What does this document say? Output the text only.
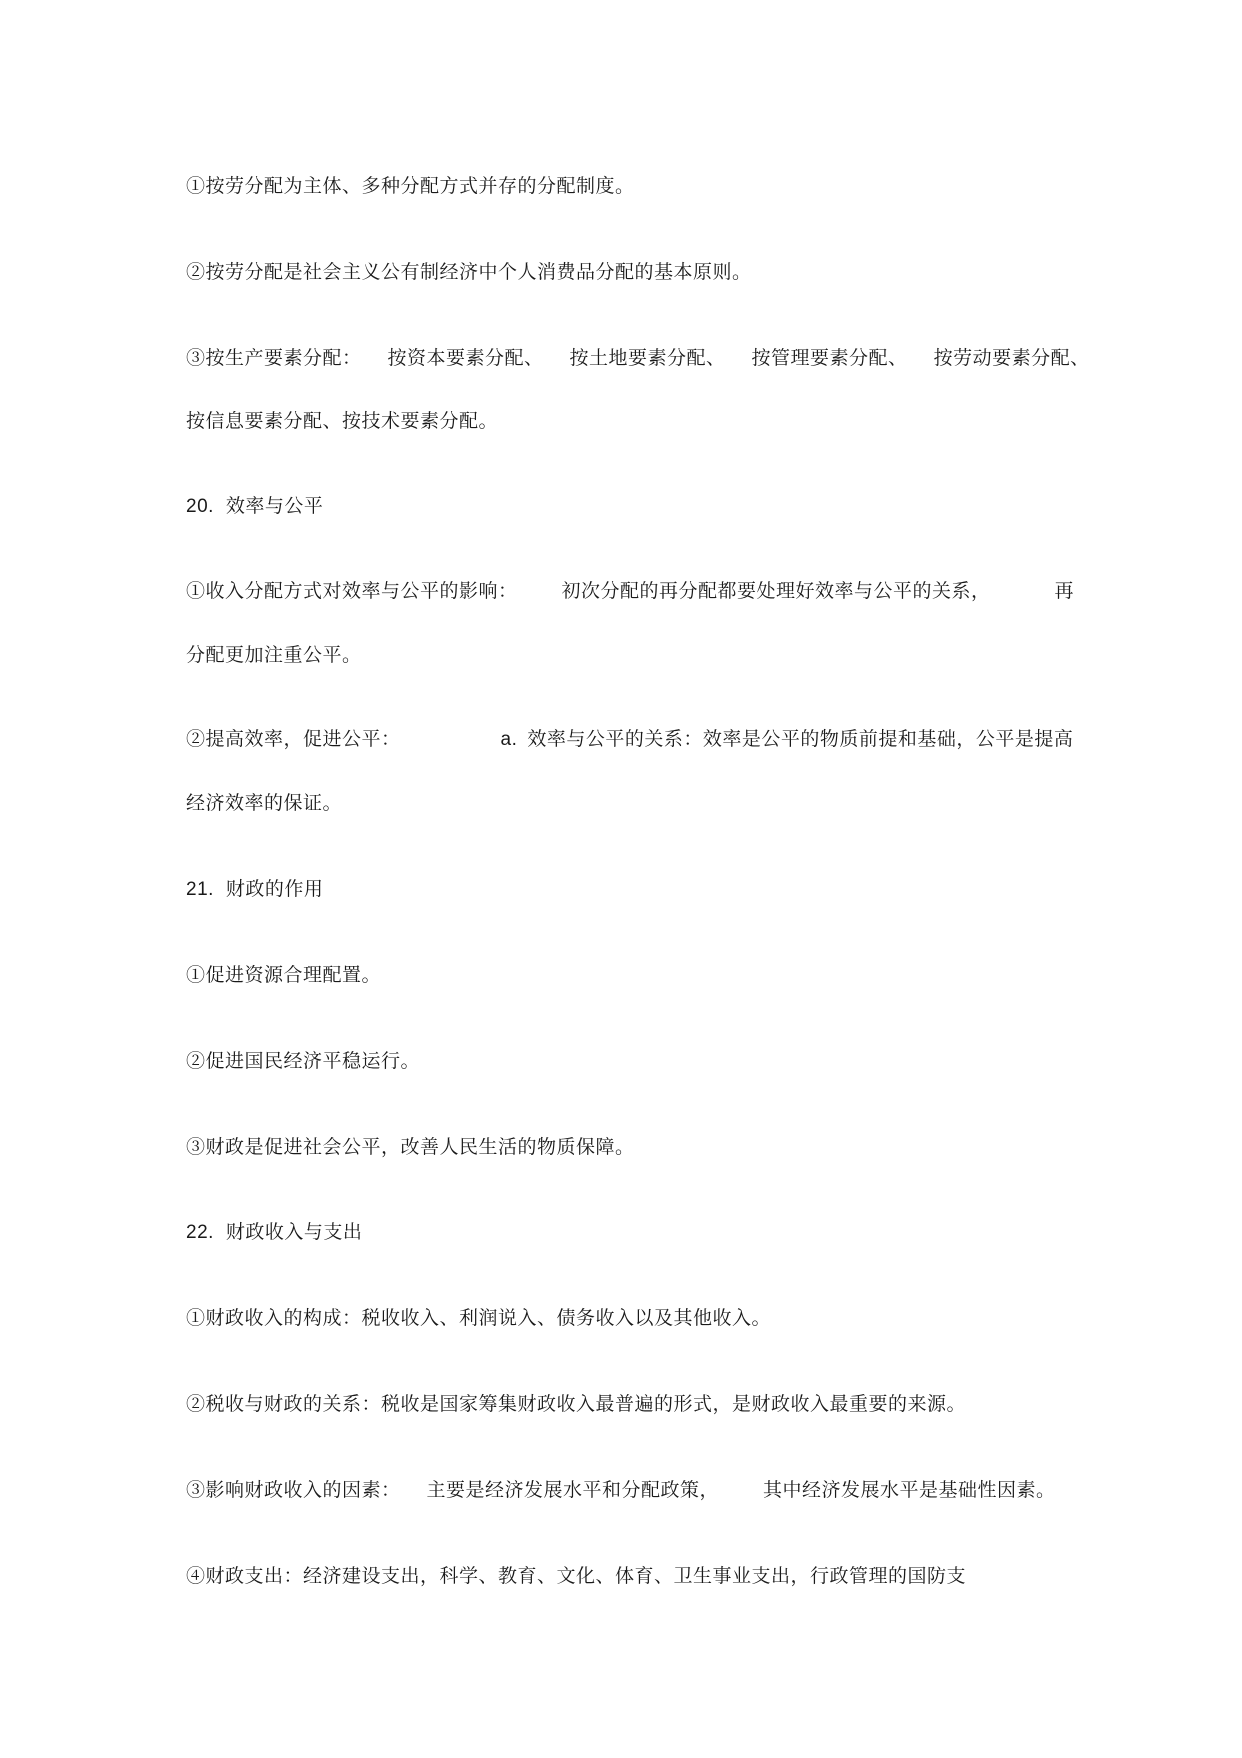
①按劳分配为主体、多种分配方式并存的分配制度。
②按劳分配是社会主义公有制经济中个人消费品分配的基本原则。
③按生产要素分配： 按资本要素分配、 按土地要素分配、 按管理要素分配、 按劳动要素分配、
按信息要素分配、按技术要素分配。
20. 效率与公平
①收入分配方式对效率与公平的影响： 初次分配的再分配都要处理好效率与公平的关系，	再
分配更加注重公平。
②提高效率，促进公平：	a. 效率与公平的关系：效率是公平的物质前提和基础，公平是提高
经济效率的保证。
21. 财政的作用
①促进资源合理配置。
②促进国民经济平稳运行。
③财政是促进社会公平，改善人民生活的物质保障。
22. 财政收入与支出
①财政收入的构成：税收收入、利润说入、债务收入以及其他收入。
②税收与财政的关系：税收是国家筹集财政收入最普遍的形式，是财政收入最重要的来源。
③影响财政收入的因素： 主要是经济发展水平和分配政策， 其中经济发展水平是基础性因素。
④财政支出：经济建设支出，科学、教育、文化、体育、卫生事业支出，行政管理的国防支
